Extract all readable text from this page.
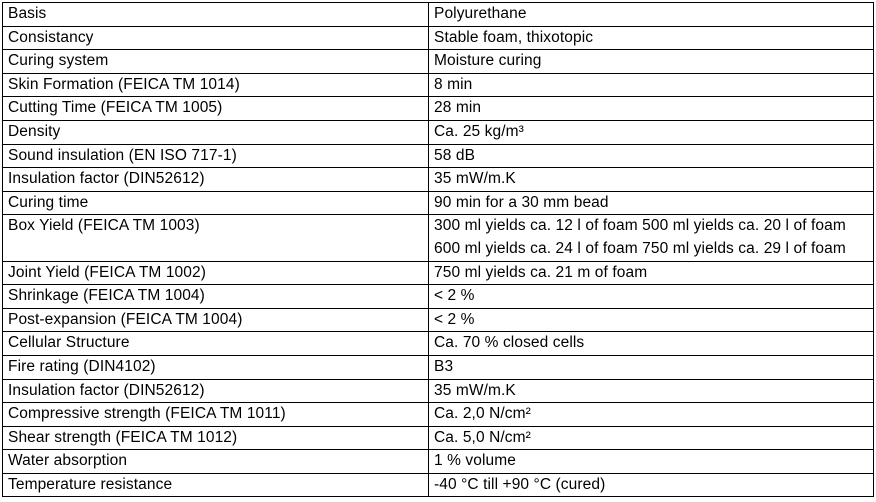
Basis	Polyurethane
Consistancy	Stable foam, thixotopic
Curing system	Moisture curing
Skin Formation (FEICA TM 1014)	8 min
Cutting Time (FEICA TM 1005)	28 min
Density	Ca. 25 kg/m³
Sound insulation (EN ISO 717-1)	58 dB
Insulation factor (DIN52612)	35 mW/m.K
Curing time	90 min for a 30 mm bead
Box Yield (FEICA TM 1003)	300 ml yields ca. 12 l of foam 500 ml yields ca. 20 l of foam 600 ml yields ca. 24 l of foam 750 ml yields ca. 29 l of foam
Joint Yield (FEICA TM 1002)	750 ml yields ca. 21 m of foam
Shrinkage (FEICA TM 1004)	< 2 %
Post-expansion (FEICA TM 1004)	< 2 %
Cellular Structure	Ca. 70 % closed cells
Fire rating (DIN4102)	B3
Insulation factor (DIN52612)	35 mW/m.K
Compressive strength (FEICA TM 1011)	Ca. 2,0 N/cm²
Shear strength (FEICA TM 1012)	Ca. 5,0 N/cm²
Water absorption	1 % volume
Temperature resistance	-40 °C till +90 °C (cured)
